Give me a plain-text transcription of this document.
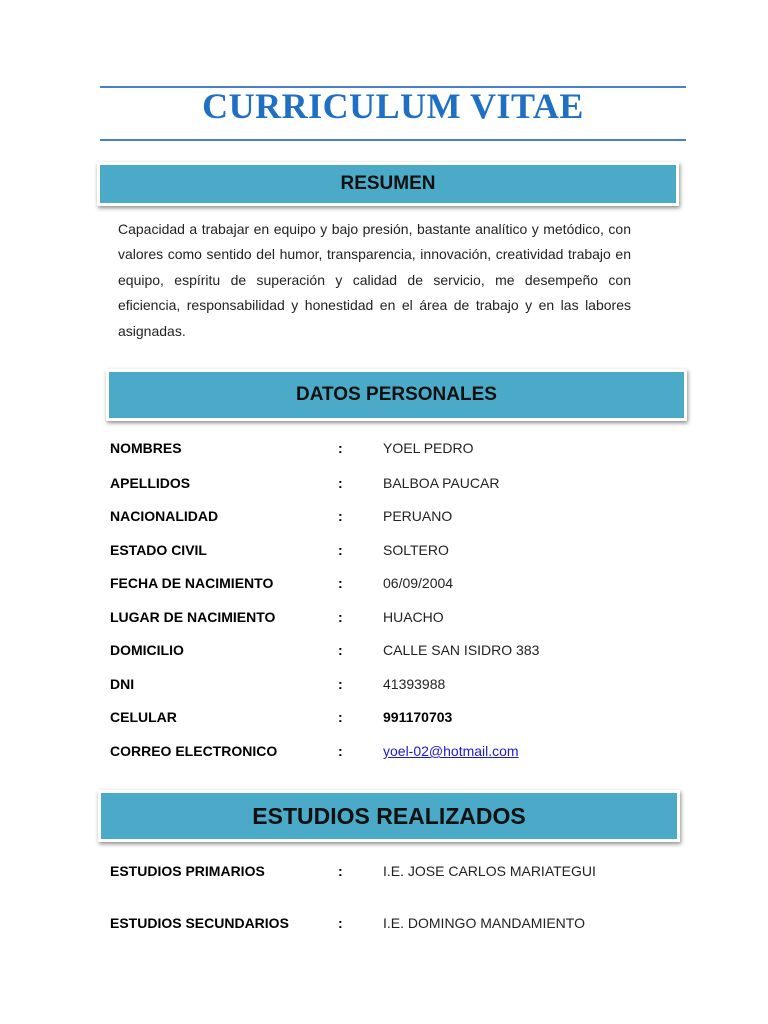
CURRICULUM VITAE
RESUMEN
Capacidad a trabajar en equipo y bajo presión, bastante analítico y metódico, con valores como sentido del humor, transparencia, innovación, creatividad trabajo en equipo, espíritu de superación y calidad de servicio, me desempeño con eficiencia, responsabilidad y honestidad en el área de trabajo y en las labores asignadas.
DATOS PERSONALES
NOMBRES	:	YOEL PEDRO
APELLIDOS	:	BALBOA PAUCAR
NACIONALIDAD	:	PERUANO
ESTADO CIVIL	:	SOLTERO
FECHA DE NACIMIENTO	:	06/09/2004
LUGAR DE NACIMIENTO	:	HUACHO
DOMICILIO	:	CALLE SAN ISIDRO 383
DNI	:	41393988
CELULAR	:	991170703
CORREO ELECTRONICO	:	yoel-02@hotmail.com
ESTUDIOS REALIZADOS
ESTUDIOS PRIMARIOS	:	I.E. JOSE CARLOS MARIATEGUI
ESTUDIOS SECUNDARIOS	:	I.E. DOMINGO MANDAMIENTO
